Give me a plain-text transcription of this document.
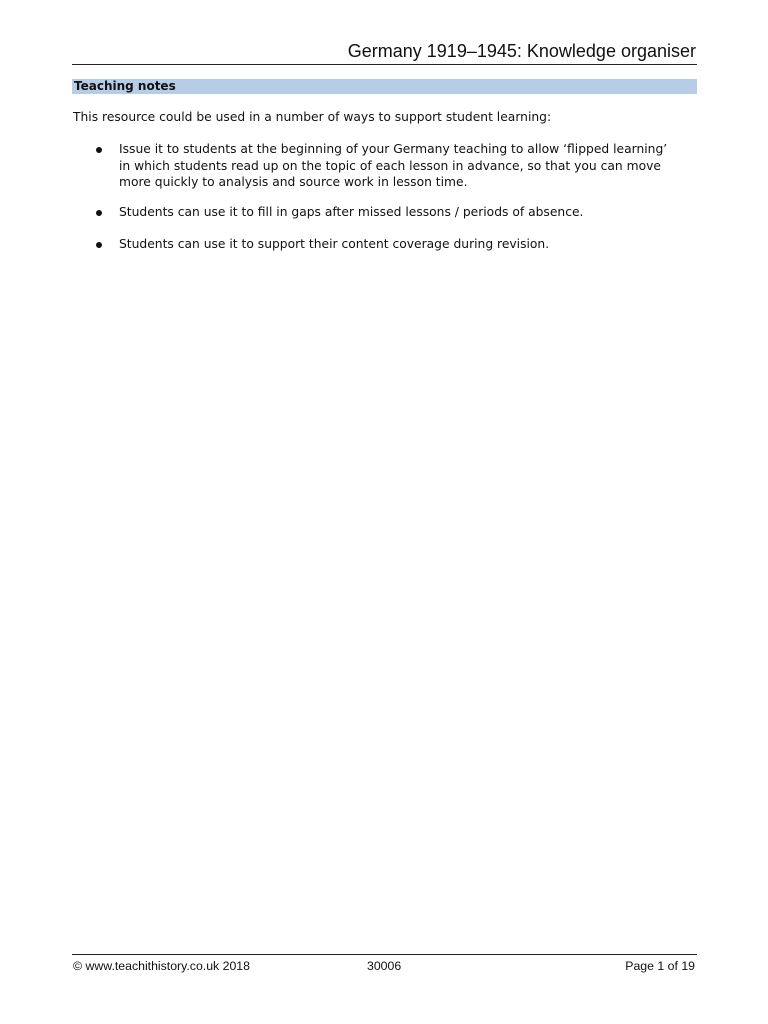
Germany 1919–1945: Knowledge organiser
Teaching notes

This resource could be used in a number of ways to support student learning:

Issue it to students at the beginning of your Germany teaching to allow ‘flipped learning’
in which students read up on the topic of each lesson in advance, so that you can move
more quickly to analysis and source work in lesson time.
Students can use it to fill in gaps after missed lessons / periods of absence.
Students can use it to support their content coverage during revision.
© www.teachithistory.co.uk 2018	30006	Page 1 of 19
